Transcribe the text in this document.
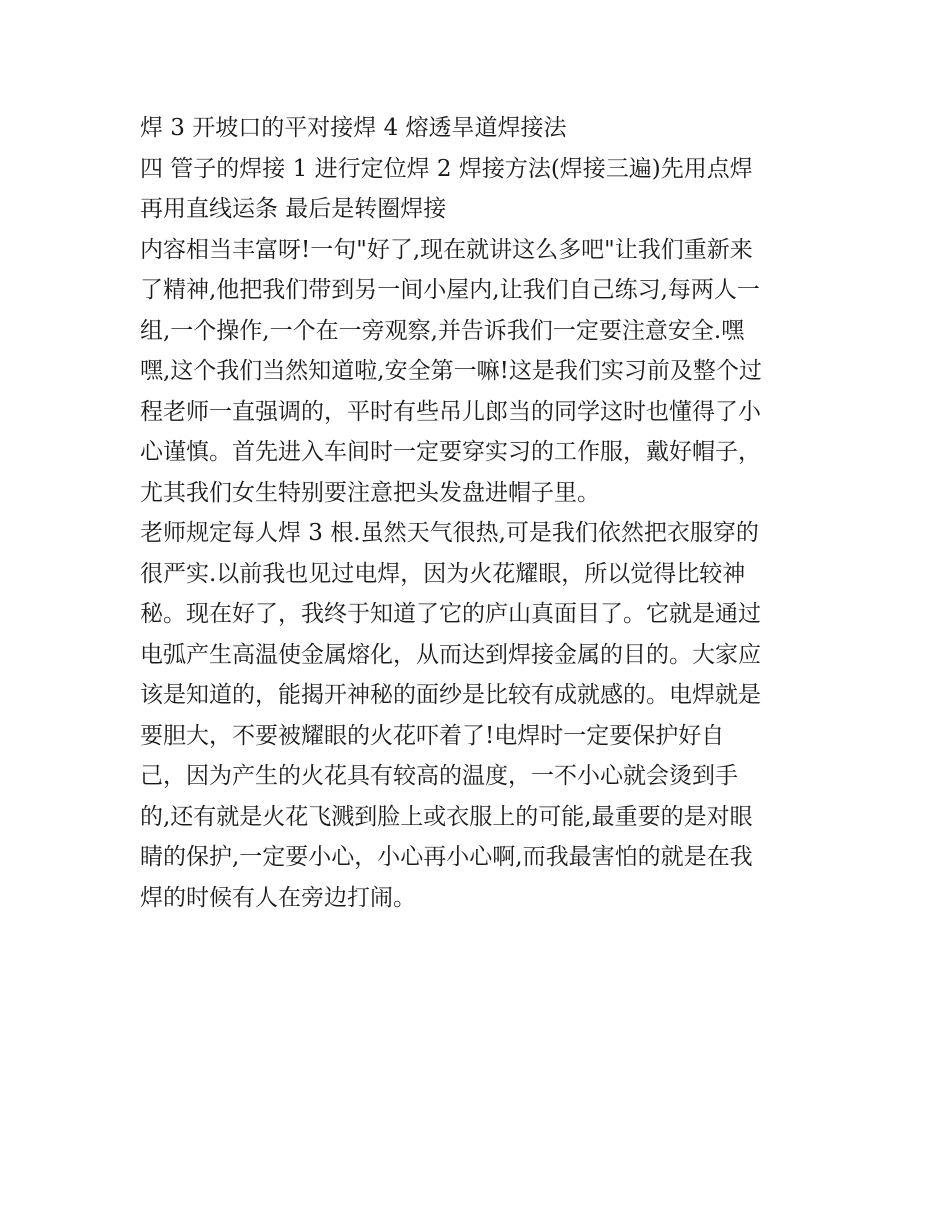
焊 3 开坡口的平对接焊 4 熔透旱道焊接法
四 管子的焊接 1 进行定位焊 2 焊接方法(焊接三遍)先用点焊
再用直线运条 最后是转圈焊接
内容相当丰富呀!一句"好了,现在就讲这么多吧"让我们重新来
了精神,他把我们带到另一间小屋内,让我们自己练习,每两人一
组,一个操作,一个在一旁观察,并告诉我们一定要注意安全.嘿
嘿,这个我们当然知道啦,安全第一嘛!这是我们实习前及整个过
程老师一直强调的，平时有些吊儿郎当的同学这时也懂得了小
心谨慎。首先进入车间时一定要穿实习的工作服，戴好帽子，
尤其我们女生特别要注意把头发盘进帽子里。
老师规定每人焊 3 根.虽然天气很热,可是我们依然把衣服穿的
很严实.以前我也见过电焊，因为火花耀眼，所以觉得比较神
秘。现在好了，我终于知道了它的庐山真面目了。它就是通过
电弧产生高温使金属熔化，从而达到焊接金属的目的。大家应
该是知道的，能揭开神秘的面纱是比较有成就感的。电焊就是
要胆大，不要被耀眼的火花吓着了!电焊时一定要保护好自
己，因为产生的火花具有较高的温度，一不小心就会烫到手
的,还有就是火花飞溅到脸上或衣服上的可能,最重要的是对眼
睛的保护,一定要小心，小心再小心啊,而我最害怕的就是在我
焊的时候有人在旁边打闹。
